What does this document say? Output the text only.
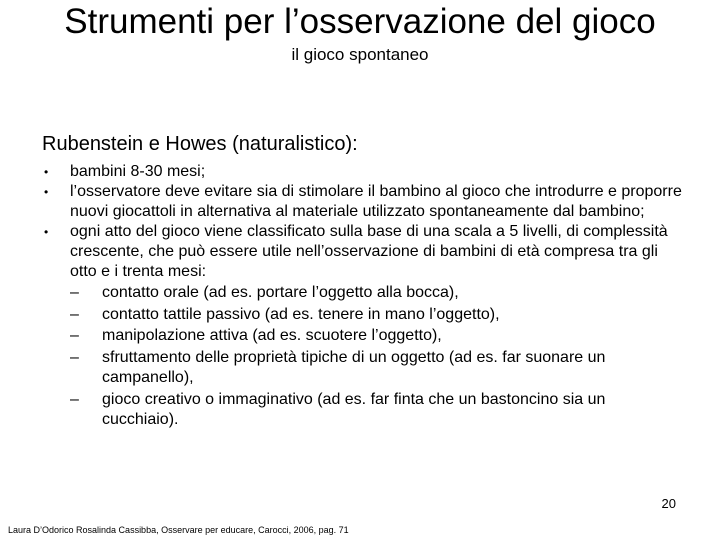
Strumenti per l’osservazione del gioco
il gioco spontaneo
Rubenstein e Howes (naturalistico):
• bambini 8-30 mesi;
• l’osservatore deve evitare sia di stimolare il bambino al gioco che introdurre e proporre nuovi giocattoli in alternativa al materiale utilizzato spontaneamente dal bambino;
• ogni atto del gioco viene classificato sulla base di una scala a 5 livelli, di complessità crescente, che può essere utile nell’osservazione di bambini di età compresa tra gli otto e i trenta mesi:
– contatto orale (ad es. portare l’oggetto alla bocca),
– contatto tattile passivo (ad es. tenere in mano l’oggetto),
– manipolazione attiva (ad es. scuotere l’oggetto),
– sfruttamento delle proprietà tipiche di un oggetto (ad es. far suonare un campanello),
– gioco creativo o immaginativo (ad es. far finta che un bastoncino sia un cucchiaio).
20
Laura D’Odorico Rosalinda Cassibba, Osservare per educare, Carocci, 2006, pag. 71
